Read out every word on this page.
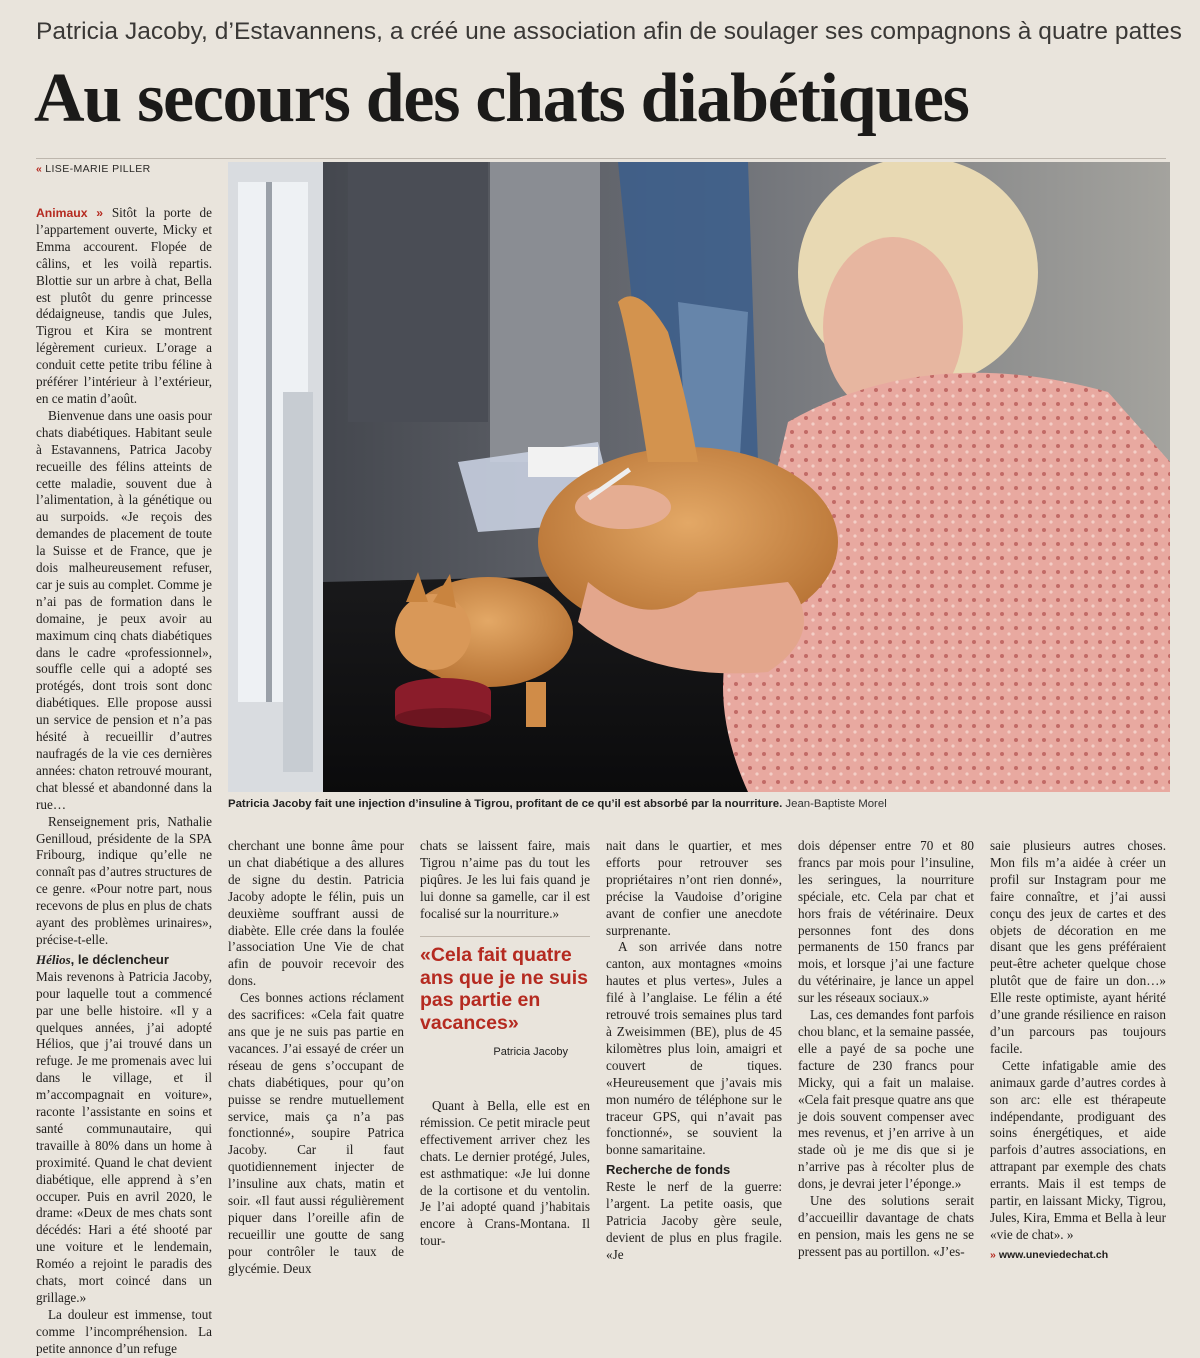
Patricia Jacoby, d’Estavannens, a créé une association afin de soulager ses compagnons à quatre pattes
Au secours des chats diabétiques
« LISE-MARIE PILLER
Patricia Jacoby fait une injection d’insuline à Tigrou, profitant de ce qu’il est absorbé par la nourriture. Jean-Baptiste Morel

Animaux » Sitôt la porte de l’appartement ouverte, Micky et Emma accourent. Flopée de câlins, et les voilà repartis. Blottie sur un arbre à chat, Bella est plutôt du genre princesse dédaigneuse, tandis que Jules, Tigrou et Kira se montrent légèrement curieux. L’orage a conduit cette petite tribu féline à préférer l’intérieur à l’extérieur, en ce matin d’août.

Bienvenue dans une oasis pour chats diabétiques. Habitant seule à Estavannens, Patrica Jacoby recueille des félins atteints de cette maladie, souvent due à l’alimentation, à la génétique ou au surpoids. «Je reçois des demandes de placement de toute la Suisse et de France, que je dois malheureusement refuser, car je suis au complet. Comme je n’ai pas de formation dans le domaine, je peux avoir au maximum cinq chats diabétiques dans le cadre «professionnel», souffle celle qui a adopté ses protégés, dont trois sont donc diabétiques. Elle propose aussi un service de pension et n’a pas hésité à recueillir d’autres naufragés de la vie ces dernières années: chaton retrouvé mourant, chat blessé et abandonné dans la rue…

Renseignement pris, Nathalie Genilloud, présidente de la SPA Fribourg, indique qu’elle ne connaît pas d’autres structures de ce genre. «Pour notre part, nous recevons de plus en plus de chats ayant des problèmes urinaires», précise-t-elle.

Hélios, le déclencheur

Mais revenons à Patricia Jacoby, pour laquelle tout a commencé par une belle histoire. «Il y a quelques années, j’ai adopté Hélios, que j’ai trouvé dans un refuge. Je me promenais avec lui dans le village, et il m’accompagnait en voiture», raconte l’assistante en soins et santé communautaire, qui travaille à 80% dans un home à proximité. Quand le chat devient diabétique, elle apprend à s’en occuper. Puis en avril 2020, le drame: «Deux de mes chats sont décédés: Hari a été shooté par une voiture et le lendemain, Roméo a rejoint le paradis des chats, mort coincé dans un grillage.»

La douleur est immense, tout comme l’incompréhension. La petite annonce d’un refuge

cherchant une bonne âme pour un chat diabétique a des allures de signe du destin. Patricia Jacoby adopte le félin, puis un deuxième souffrant aussi de diabète. Elle crée dans la foulée l’association Une Vie de chat afin de pouvoir recevoir des dons.

Ces bonnes actions réclament des sacrifices: «Cela fait quatre ans que je ne suis pas partie en vacances. J’ai essayé de créer un réseau de gens s’occupant de chats diabétiques, pour qu’on puisse se rendre mutuellement service, mais ça n’a pas fonctionné», soupire Patrica Jacoby. Car il faut quotidiennement injecter de l’insuline aux chats, matin et soir. «Il faut aussi régulièrement piquer dans l’oreille afin de recueillir une goutte de sang pour contrôler le taux de glycémie. Deux

chats se laissent faire, mais Tigrou n’aime pas du tout les piqûres. Je les lui fais quand je lui donne sa gamelle, car il est focalisé sur la nourriture.»

«Cela fait quatre ans que je ne suis pas partie en vacances»
Patricia Jacoby

Quant à Bella, elle est en rémission. Ce petit miracle peut effectivement arriver chez les chats. Le dernier protégé, Jules, est asthmatique: «Je lui donne de la cortisone et du ventolin. Je l’ai adopté quand j’habitais encore à Crans-Montana. Il tour-

nait dans le quartier, et mes efforts pour retrouver ses propriétaires n’ont rien donné», précise la Vaudoise d’origine avant de confier une anecdote surprenante.

A son arrivée dans notre canton, aux montagnes «moins hautes et plus vertes», Jules a filé à l’anglaise. Le félin a été retrouvé trois semaines plus tard à Zweisimmen (BE), plus de 45 kilomètres plus loin, amaigri et couvert de tiques. «Heureusement que j’avais mis mon numéro de téléphone sur le traceur GPS, qui n’avait pas fonctionné», se souvient la bonne samaritaine.

Recherche de fonds

Reste le nerf de la guerre: l’argent. La petite oasis, que Patricia Jacoby gère seule, devient de plus en plus fragile. «Je

dois dépenser entre 70 et 80 francs par mois pour l’insuline, les seringues, la nourriture spéciale, etc. Cela par chat et hors frais de vétérinaire. Deux personnes font des dons permanents de 150 francs par mois, et lorsque j’ai une facture du vétérinaire, je lance un appel sur les réseaux sociaux.»

Las, ces demandes font parfois chou blanc, et la semaine passée, elle a payé de sa poche une facture de 230 francs pour Micky, qui a fait un malaise. «Cela fait presque quatre ans que je dois souvent compenser avec mes revenus, et j’en arrive à un stade où je me dis que si je n’arrive pas à récolter plus de dons, je devrai jeter l’éponge.»

Une des solutions serait d’accueillir davantage de chats en pension, mais les gens ne se pressent pas au portillon. «J’es-

saie plusieurs autres choses. Mon fils m’a aidée à créer un profil sur Instagram pour me faire connaître, et j’ai aussi conçu des jeux de cartes et des objets de décoration en me disant que les gens préféraient peut-être acheter quelque chose plutôt que de faire un don…» Elle reste optimiste, ayant hérité d’une grande résilience en raison d’un parcours pas toujours facile.

Cette infatigable amie des animaux garde d’autres cordes à son arc: elle est thérapeute indépendante, prodiguant des soins énergétiques, et aide parfois d’autres associations, en attrapant par exemple des chats errants. Mais il est temps de partir, en laissant Micky, Tigrou, Jules, Kira, Emma et Bella à leur «vie de chat». »

» www.uneviedechat.ch
